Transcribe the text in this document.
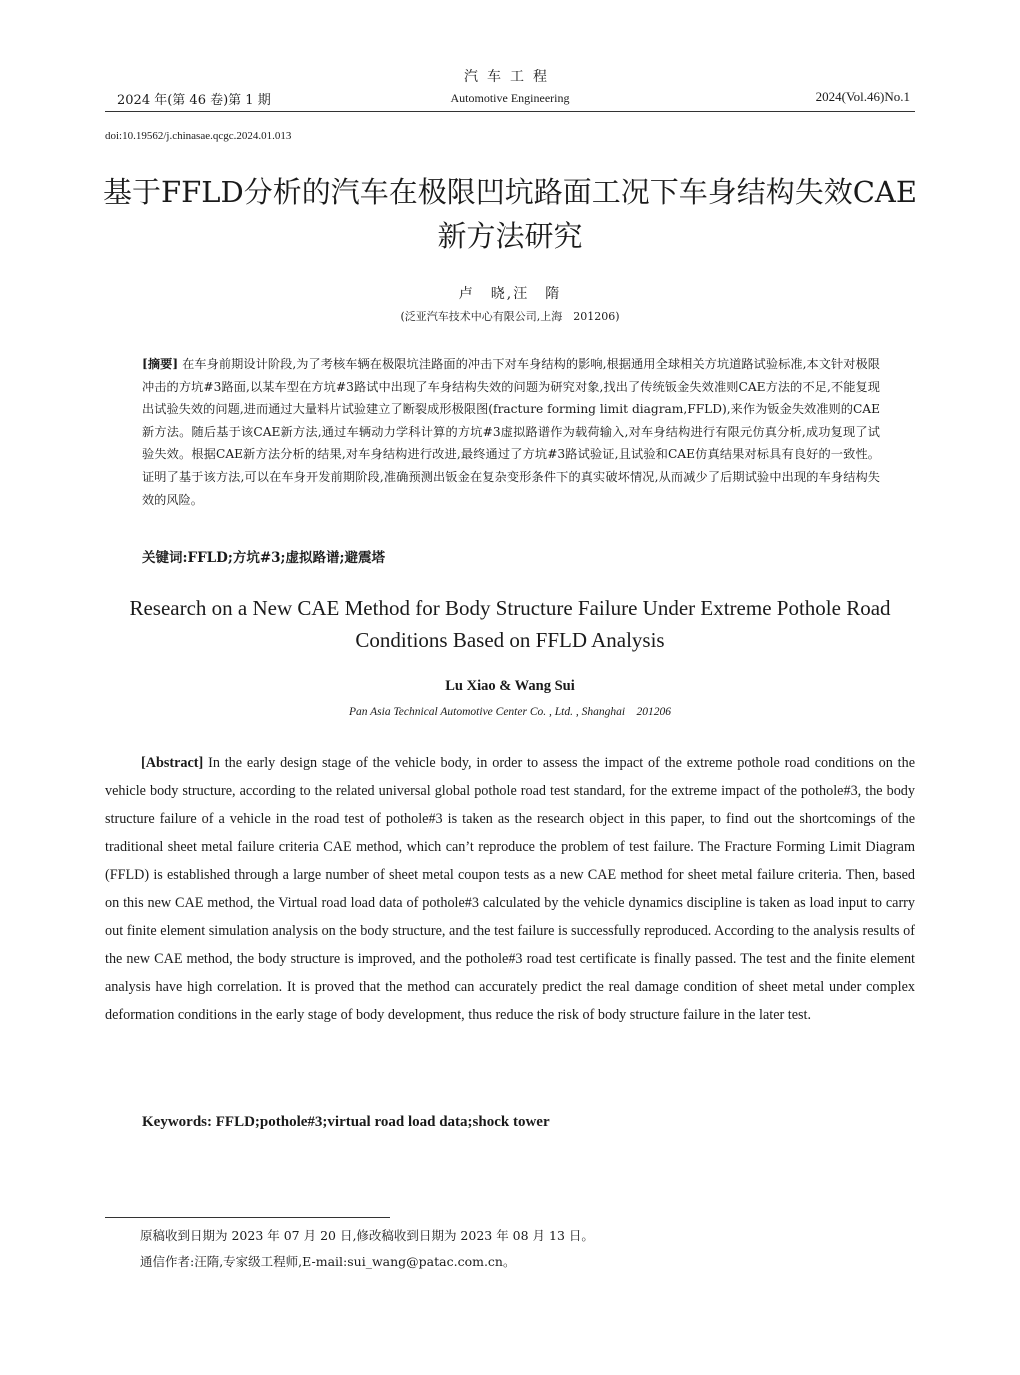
汽车工程
2024 年(第 46 卷)第 1 期	Automotive Engineering	2024(Vol.46)No.1
doi:10.19562/j.chinasae.qcgc.2024.01.013
基于FFLD分析的汽车在极限凹坑路面工况下车身结构失效CAE新方法研究
卢　晓,汪　隋
(泛亚汽车技术中心有限公司,上海　201206)
[摘要] 在车身前期设计阶段,为了考核车辆在极限坑洼路面的冲击下对车身结构的影响,根据通用全球相关方坑道路试验标准,本文针对极限冲击的方坑#3路面,以某车型在方坑#3路试中出现了车身结构失效的问题为研究对象,找出了传统钣金失效准则CAE方法的不足,不能复现出试验失效的问题,进而通过大量料片试验建立了断裂成形极限图(fracture forming limit diagram,FFLD),来作为钣金失效准则的CAE新方法。随后基于该CAE新方法,通过车辆动力学科计算的方坑#3虚拟路谱作为载荷输入,对车身结构进行有限元仿真分析,成功复现了试验失效。根据CAE新方法分析的结果,对车身结构进行改进,最终通过了方坑#3路试验证,且试验和CAE仿真结果对标具有良好的一致性。证明了基于该方法,可以在车身开发前期阶段,准确预测出钣金在复杂变形条件下的真实破坏情况,从而减少了后期试验中出现的车身结构失效的风险。
关键词:FFLD;方坑#3;虚拟路谱;避震塔
Research on a New CAE Method for Body Structure Failure Under Extreme Pothole Road Conditions Based on FFLD Analysis
Lu Xiao & Wang Sui
Pan Asia Technical Automotive Center Co. , Ltd. , Shanghai　201206
[Abstract] In the early design stage of the vehicle body, in order to assess the impact of the extreme pothole road conditions on the vehicle body structure, according to the related universal global pothole road test standard, for the extreme impact of the pothole#3, the body structure failure of a vehicle in the road test of pothole#3 is taken as the research object in this paper, to find out the shortcomings of the traditional sheet metal failure criteria CAE method, which can’t reproduce the problem of test failure. The Fracture Forming Limit Diagram (FFLD) is established through a large number of sheet metal coupon tests as a new CAE method for sheet metal failure criteria. Then, based on this new CAE method, the Virtual road load data of pothole#3 calculated by the vehicle dynamics discipline is taken as load input to carry out finite element simulation analysis on the body structure, and the test failure is successfully reproduced. According to the analysis results of the new CAE method, the body structure is improved, and the pothole#3 road test certificate is finally passed. The test and the finite element analysis have high correlation. It is proved that the method can accurately predict the real damage condition of sheet metal under complex deformation conditions in the early stage of body development, thus reduce the risk of body structure failure in the later test.
Keywords: FFLD;pothole#3;virtual road load data;shock tower
原稿收到日期为 2023 年 07 月 20 日,修改稿收到日期为 2023 年 08 月 13 日。
通信作者:汪隋,专家级工程师,E-mail:sui_wang@patac.com.cn。
